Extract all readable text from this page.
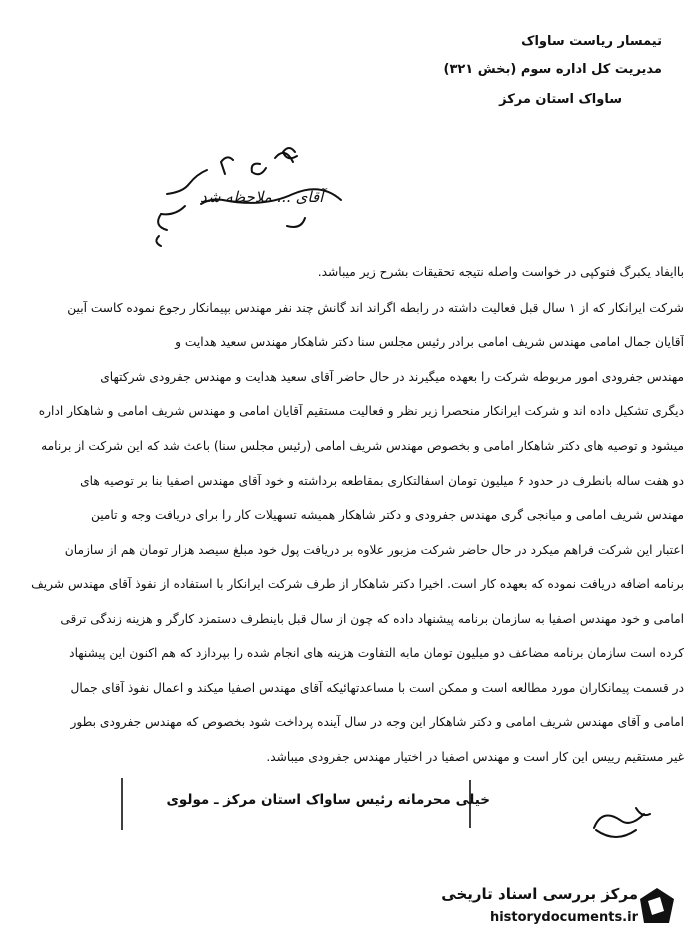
تیمسار ریاست ساواک
مدیریت کل اداره سوم (بخش ۳۲۱)
ساواک استان مرکز
آقای ... ملاحظه شد
باایفاد یکبرگ فتوکپی در خواست واصله نتیجه تحقیقات بشرح زیر میباشد.
شرکت ایرانکار که از ۱ سال قبل فعالیت داشته در رابطه اگراند اند گانش چند نفر مهندس بپیمانکار رجوع نموده کاست آبین
آقایان جمال امامی مهندس شریف امامی برادر رئیس مجلس سنا دکتر شاهکار مهندس سعید هدایت و
مهندس جفرودی امور مربوطه شرکت را بعهده میگیرند در حال حاضر آقای سعید هدایت و مهندس جفرودی شرکتهای
دیگری تشکیل داده اند و شرکت ایرانکار منحصرا زیر نظر و فعالیت مستقیم آقایان امامی و مهندس شریف امامی و شاهکار اداره
میشود و توصیه های دکتر شاهکار امامی و بخصوص مهندس شریف امامی (رئیس مجلس سنا) باعث شد که این شرکت از برنامه
دو هفت ساله بانطرف در حدود ۶ میلیون تومان اسفالتکاری بمقاطعه برداشته و خود آقای مهندس اصفیا بنا بر توصیه های
مهندس شریف امامی و میانجی گری مهندس جفرودی و دکتر شاهکار همیشه تسهیلات کار را برای دریافت وجه و تامین
اعتبار این شرکت فراهم میکرد در حال حاضر شرکت مزبور علاوه بر دریافت پول خود مبلغ سیصد هزار تومان هم از سازمان
برنامه اضافه دریافت نموده که بعهده کار است. اخیرا دکتر شاهکار از طرف شرکت ایرانکار با استفاده از نفوذ آقای مهندس شریف
امامی و خود مهندس اصفیا به سازمان برنامه پیشنهاد داده که چون از سال قبل باینطرف دستمزد کارگر و هزینه زندگی ترقی
کرده است سازمان برنامه مضاعف دو میلیون تومان مابه التفاوت هزینه های انجام شده را بپردازد که هم اکنون این پیشنهاد
در قسمت پیمانکاران مورد مطالعه است و ممکن است با مساعدتهائیکه آقای مهندس اصفیا میکند و اعمال نفوذ آقای جمال
امامی و آقای مهندس شریف امامی و دکتر شاهکار این وجه در سال آینده پرداخت شود بخصوص که مهندس جفرودی بطور
غیر مستقیم رییس این کار است و مهندس اصفیا در اختیار مهندس جفرودی میباشد.
خیلی محرمانه رئیس ساواک استان مرکز ـ مولوی
مرکز بررسی اسناد تاریخی
historydocuments.ir
